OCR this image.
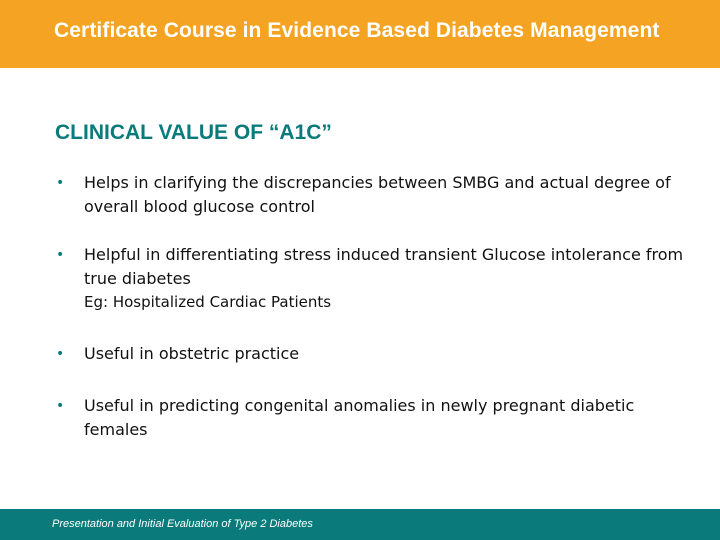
Certificate Course in Evidence Based Diabetes Management
CLINICAL VALUE OF “A1C”
• Helps in clarifying the discrepancies between SMBG and actual degree of overall blood glucose control
• Helpful in differentiating stress induced transient Glucose intolerance from true diabetes
Eg: Hospitalized Cardiac Patients
• Useful in obstetric practice
• Useful in predicting congenital anomalies in newly pregnant diabetic females
Presentation and Initial Evaluation of Type 2 Diabetes
